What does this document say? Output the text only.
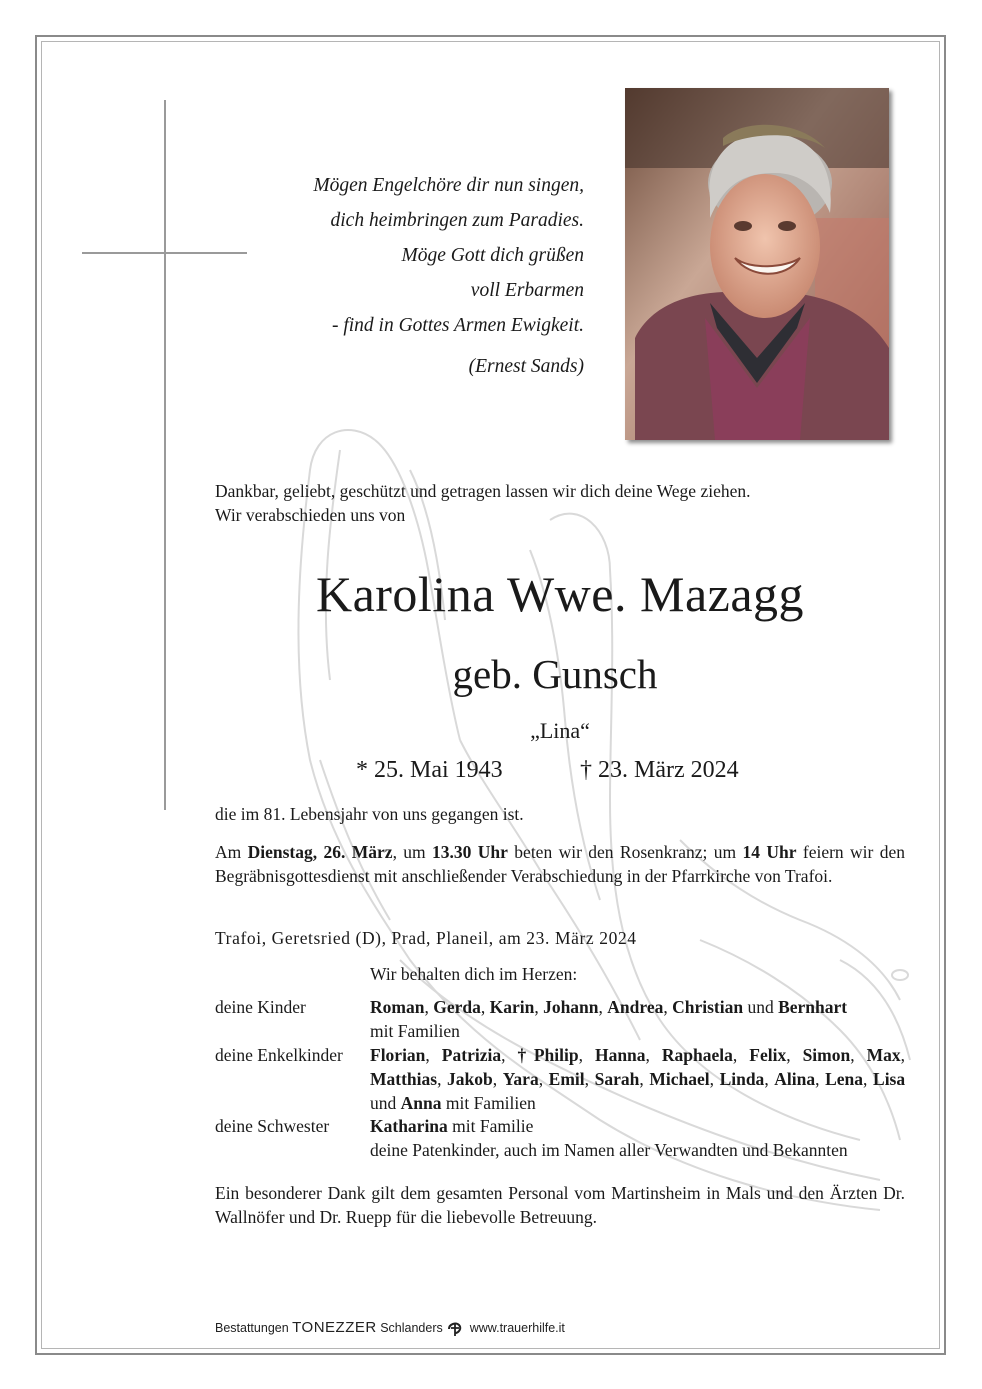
Mögen Engelchöre dir nun singen,
dich heimbringen zum Paradies.
Möge Gott dich grüßen
voll Erbarmen
- find in Gottes Armen Ewigkeit.
(Ernest Sands)
Dankbar, geliebt, geschützt und getragen lassen wir dich deine Wege ziehen.
Wir verabschieden uns von
Karolina Wwe. Mazagg
geb. Gunsch
„Lina“
* 25. Mai 1943	† 23. März 2024
die im 81. Lebensjahr von uns gegangen ist.
Am Dienstag, 26. März, um 13.30 Uhr beten wir den Rosenkranz; um 14 Uhr feiern wir den Begräbnisgottesdienst mit anschließender Verabschiedung in der Pfarrkirche von Trafoi.
Trafoi, Geretsried (D), Prad, Planeil, am 23. März 2024
Wir behalten dich im Herzen:
deine Kinder	Roman, Gerda, Karin, Johann, Andrea, Christian und Bernhart
mit Familien
deine Enkelkinder Florian, Patrizia, †Philip, Hanna, Raphaela, Felix, Simon, Max, Matthias, Jakob, Yara, Emil, Sarah, Michael, Linda, Alina, Lena, Lisa und Anna mit Familien
deine Schwester Katharina mit Familie
deine Patenkinder, auch im Namen aller Verwandten und Bekannten
Ein besonderer Dank gilt dem gesamten Personal vom Martinsheim in Mals und den Ärzten Dr. Wallnöfer und Dr. Ruepp für die liebevolle Betreuung.
Bestattungen TONEZZER Schlanders www.trauerhilfe.it
